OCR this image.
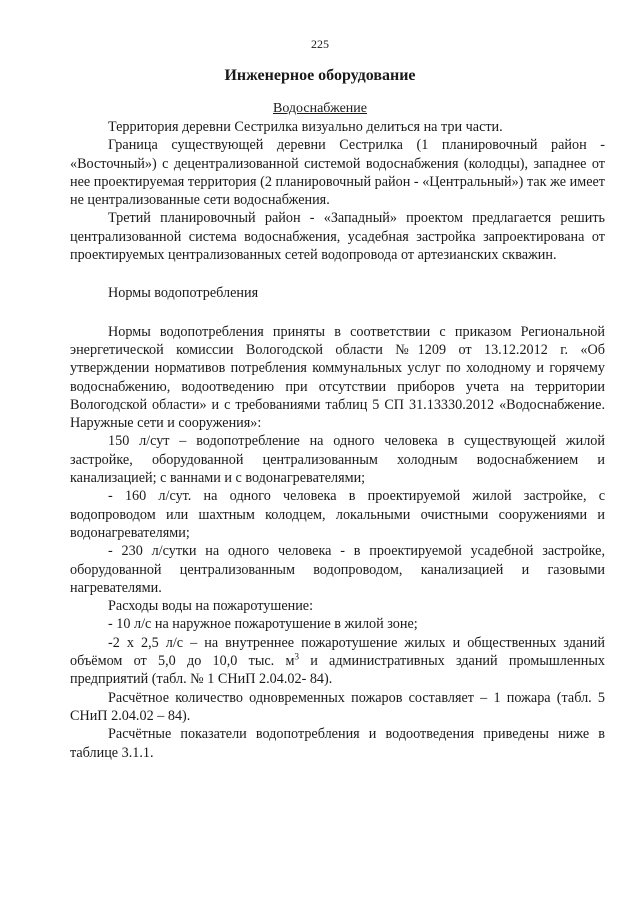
225
Инженерное оборудование
Водоснабжение

Территория деревни Сестрилка визуально делиться на три части.

Граница существующей деревни Сестрилка (1 планировочный район - «Восточный») с децентрализованной системой водоснабжения (колодцы), западнее от нее проектируемая территория (2 планировочный район - «Центральный») так же имеет не централизованные сети водоснабжения.

Третий планировочный район - «Западный» проектом предлагается решить централизованной система водоснабжения, усадебная застройка запроектирована от проектируемых централизованных сетей водопровода от артезианских скважин.

Нормы водопотребления

Нормы водопотребления приняты в соответствии с приказом Региональной энергетической комиссии Вологодской области №1209 от 13.12.2012 г. «Об утверждении нормативов потребления коммунальных услуг по холодному и горячему водоснабжению, водоотведению при отсутствии приборов учета на территории Вологодской области» и с требованиями таблиц 5 СП 31.13330.2012 «Водоснабжение. Наружные сети и сооружения»:

150 л/сут – водопотребление на одного человека в существующей жилой застройке, оборудованной централизованным холодным водоснабжением и канализацией; с ваннами и с водонагревателями;

- 160 л/сут. на одного человека в проектируемой жилой застройке, с водопроводом или шахтным колодцем, локальными очистными сооружениями и водонагревателями;

- 230 л/сутки на одного человека - в проектируемой усадебной застройке, оборудованной централизованным водопроводом, канализацией и газовыми нагревателями.

Расходы воды на пожаротушение:

- 10 л/с на наружное пожаротушение в жилой зоне;

-2 х 2,5 л/с – на внутреннее пожаротушение жилых и общественных зданий объёмом от 5,0 до 10,0 тыс. $м^3$ и административных зданий промышленных предприятий (табл. № 1 СНиП 2.04.02- 84).

Расчётное количество одновременных пожаров составляет – 1 пожара (табл. 5 СНиП 2.04.02 – 84).

Расчётные показатели водопотребления и водоотведения приведены ниже в таблице 3.1.1.
